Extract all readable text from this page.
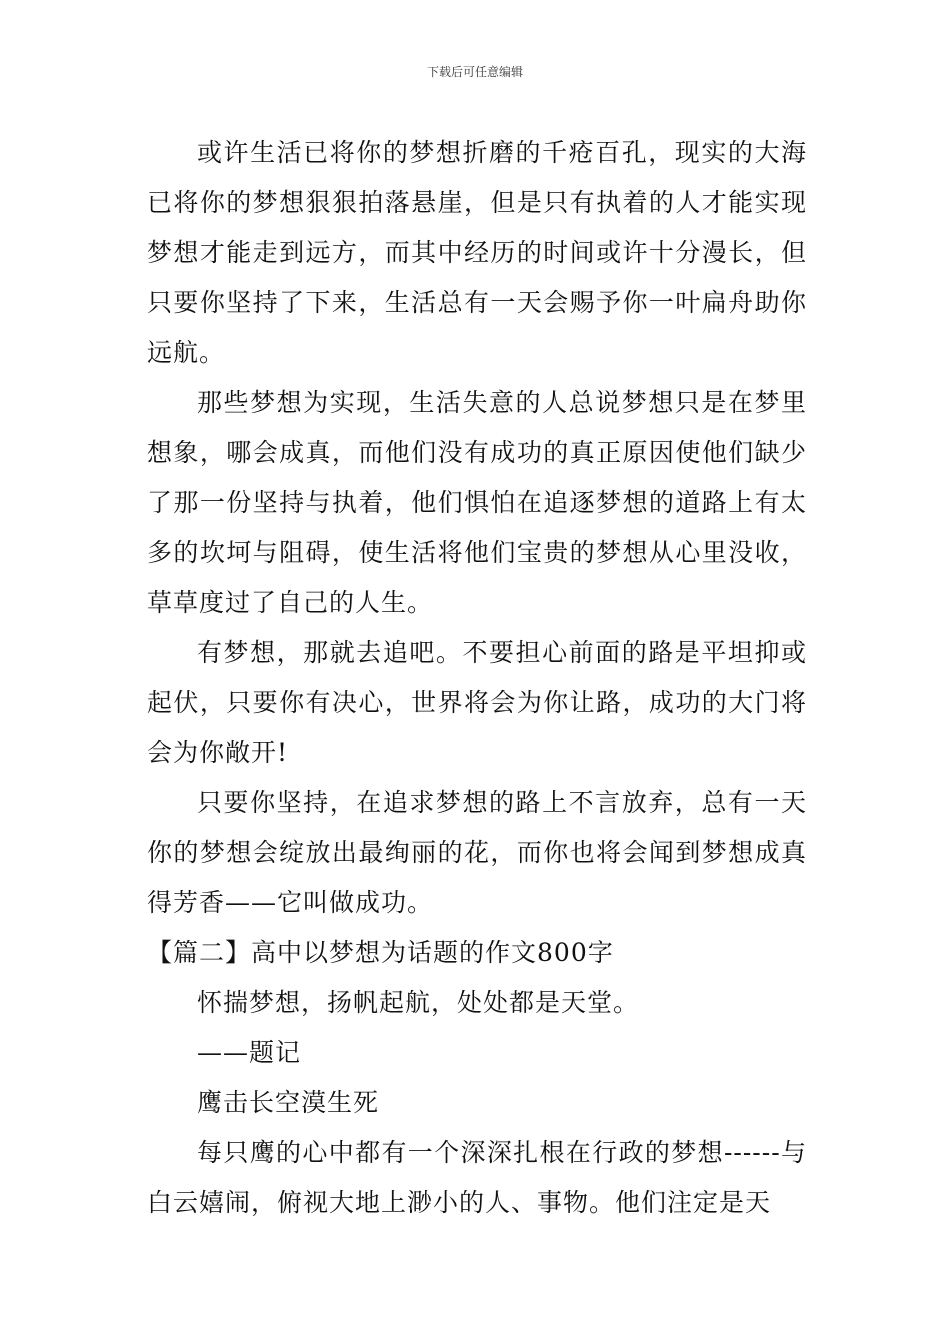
下载后可任意编辑

或许生活已将你的梦想折磨的千疮百孔，现实的大海已将你的梦想狠狠拍落悬崖，但是只有执着的人才能实现梦想才能走到远方，而其中经历的时间或许十分漫长，但只要你坚持了下来，生活总有一天会赐予你一叶扁舟助你远航。

那些梦想为实现，生活失意的人总说梦想只是在梦里想象，哪会成真，而他们没有成功的真正原因使他们缺少了那一份坚持与执着，他们惧怕在追逐梦想的道路上有太多的坎坷与阻碍，使生活将他们宝贵的梦想从心里没收，草草度过了自己的人生。

有梦想，那就去追吧。不要担心前面的路是平坦抑或起伏，只要你有决心，世界将会为你让路，成功的大门将会为你敞开!

只要你坚持，在追求梦想的路上不言放弃，总有一天你的梦想会绽放出最绚丽的花，而你也将会闻到梦想成真得芳香——它叫做成功。

【篇二】高中以梦想为话题的作文800字

怀揣梦想，扬帆起航，处处都是天堂。

——题记

鹰击长空漠生死

每只鹰的心中都有一个深深扎根在行政的梦想------与白云嬉闹，俯视大地上渺小的人、事物。他们注定是天
